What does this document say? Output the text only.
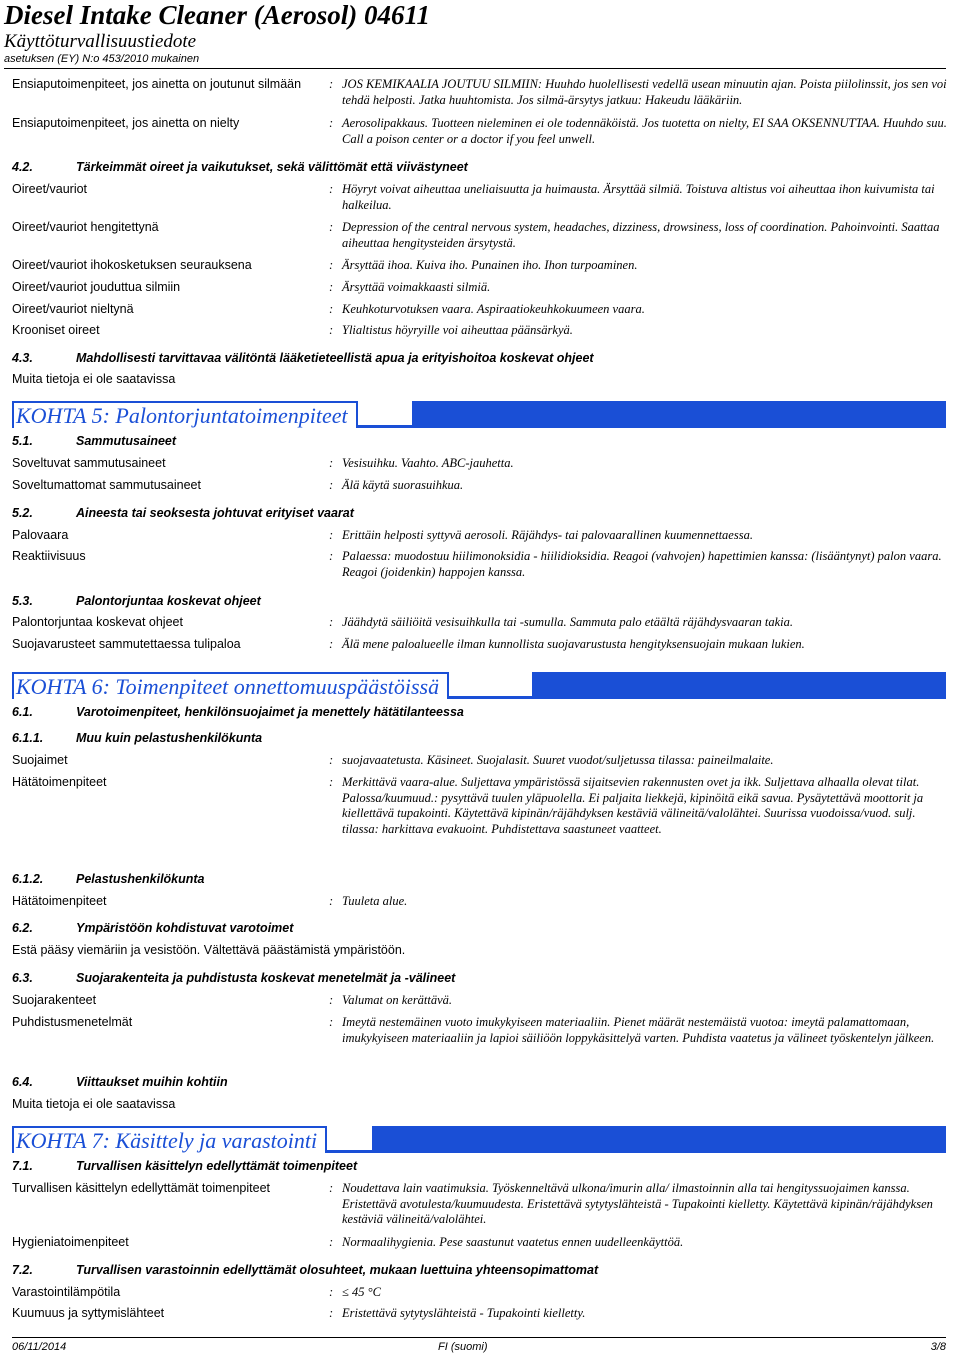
Diesel Intake Cleaner (Aerosol) 04611
Käyttöturvallisuustiedote
asetuksen (EY) N:o 453/2010 mukainen
Ensiaputoimenpiteet, jos ainetta on joutunut silmään	: JOS KEMIKAALIA JOUTUU SILMIIN: Huuhdo huolellisesti vedellä usean minuutin ajan. Poista piilolinssit, jos sen voi tehdä helposti. Jatka huuhtomista. Jos silmä-ärsytys jatkuu: Hakeudu lääkäriin.
Ensiaputoimenpiteet, jos ainetta on nielty	: Aerosolipakkaus. Tuotteen nieleminen ei ole todennäköistä. Jos tuotetta on nielty, EI SAA OKSENNUTTAA. Huuhdo suu. Call a poison center or a doctor if you feel unwell.
4.2.	Tärkeimmät oireet ja vaikutukset, sekä välittömät että viivästyneet
Oireet/vauriot	: Höyryt voivat aiheuttaa uneliaisuutta ja huimausta. Ärsyttää silmiä. Toistuva altistus voi aiheuttaa ihon kuivumista tai halkeilua.
Oireet/vauriot hengitettynä	: Depression of the central nervous system, headaches, dizziness, drowsiness, loss of coordination. Pahoinvointi. Saattaa aiheuttaa hengitysteiden ärsytystä.
Oireet/vauriot ihokosketuksen seurauksena	: Ärsyttää ihoa. Kuiva iho. Punainen iho. Ihon turpoaminen.
Oireet/vauriot jouduttua silmiin	: Ärsyttää voimakkaasti silmiä.
Oireet/vauriot nieltynä	: Keuhkoturvotuksen vaara. Aspiraatiokeuhkokuumeen vaara.
Krooniset oireet	: Ylialtistus höyryille voi aiheuttaa päänsärkyä.
4.3.	Mahdollisesti tarvittavaa välitöntä lääketieteellistä apua ja erityishoitoa koskevat ohjeet
Muita tietoja ei ole saatavissa
KOHTA 5: Palontorjuntatoimenpiteet
5.1.	Sammutusaineet
Soveltuvat sammutusaineet	: Vesisuihku. Vaahto. ABC-jauhetta.
Soveltumattomat sammutusaineet	: Älä käytä suorasuihkua.
5.2.	Aineesta tai seoksesta johtuvat erityiset vaarat
Palovaara	: Erittäin helposti syttyvä aerosoli. Räjähdys- tai palovaarallinen kuumennettaessa.
Reaktiivisuus	: Palaessa: muodostuu hiilimonoksidia - hiilidioksidia. Reagoi (vahvojen) hapettimien kanssa: (lisääntynyt) palon vaara. Reagoi (joidenkin) happojen kanssa.
5.3.	Palontorjuntaa koskevat ohjeet
Palontorjuntaa koskevat ohjeet	: Jäähdytä säiliöitä vesisuihkulla tai -sumulla. Sammuta palo etäältä räjähdysvaaran takia.
Suojavarusteet sammutettaessa tulipaloa	: Älä mene paloalueelle ilman kunnollista suojavarustusta hengityksensuojain mukaan lukien.
KOHTA 6: Toimenpiteet onnettomuuspäästöissä
6.1.	Varotoimenpiteet, henkilönsuojaimet ja menettely hätätilanteessa
6.1.1.	Muu kuin pelastushenkilökunta
Suojaimet	: suojavaatetusta. Käsineet. Suojalasit. Suuret vuodot/suljetussa tilassa: paineilmalaite.
Hätätoimenpiteet	: Merkittävä vaara-alue. Suljettava ympäristössä sijaitsevien rakennusten ovet ja ikk. Suljettava alhaalla olevat tilat. Palossa/kuumuud.: pysyttävä tuulen yläpuolella. Ei paljaita liekkejä, kipinöitä eikä savua. Pysäytettävä moottorit ja kiellettävä tupakointi. Käytettävä kipinän/räjähdyksen kestäviä välineitä/valolähtei. Suurissa vuodoissa/vuod. sulj. tilassa: harkittava evakuoint. Puhdistettava saastuneet vaatteet.
6.1.2.	Pelastushenkilökunta
Hätätoimenpiteet	: Tuuleta alue.
6.2.	Ympäristöön kohdistuvat varotoimet
Estä pääsy viemäriin ja vesistöön. Vältettävä päästämistä ympäristöön.
6.3.	Suojarakenteita ja puhdistusta koskevat menetelmät ja -välineet
Suojarakenteet	: Valumat on kerättävä.
Puhdistusmenetelmät	: Imeytä nestemäinen vuoto imukykyiseen materiaaliin. Pienet määrät nestemäistä vuotoa: imeytä palamattomaan, imukykyiseen materiaaliin ja lapioi säiliöön loppykäsittelyä varten. Puhdista vaatetus ja välineet työskentelyn jälkeen.
6.4.	Viittaukset muihin kohtiin
Muita tietoja ei ole saatavissa
KOHTA 7: Käsittely ja varastointi
7.1.	Turvallisen käsittelyn edellyttämät toimenpiteet
Turvallisen käsittelyn edellyttämät toimenpiteet	: Noudettava lain vaatimuksia. Työskenneltävä ulkona/imurin alla/ ilmastoinnin alla tai hengityssuojaimen kanssa. Eristettävä avotulesta/kuumuudesta. Eristettävä sytytyslähteistä - Tupakointi kielletty. Käytettävä kipinän/räjähdyksen kestäviä välineitä/valolähtei.
Hygieniatoimenpiteet	: Normaalihygienia. Pese saastunut vaatetus ennen uudelleenkäyttöä.
7.2.	Turvallisen varastoinnin edellyttämät olosuhteet, mukaan luettuina yhteensopimattomat
Varastointilämpötila	: ≤ 45 °C
Kuumuus ja syttymislähteet	: Eristettävä sytytyslähteistä - Tupakointi kielletty.
06/11/2014	FI (suomi)	3/8
